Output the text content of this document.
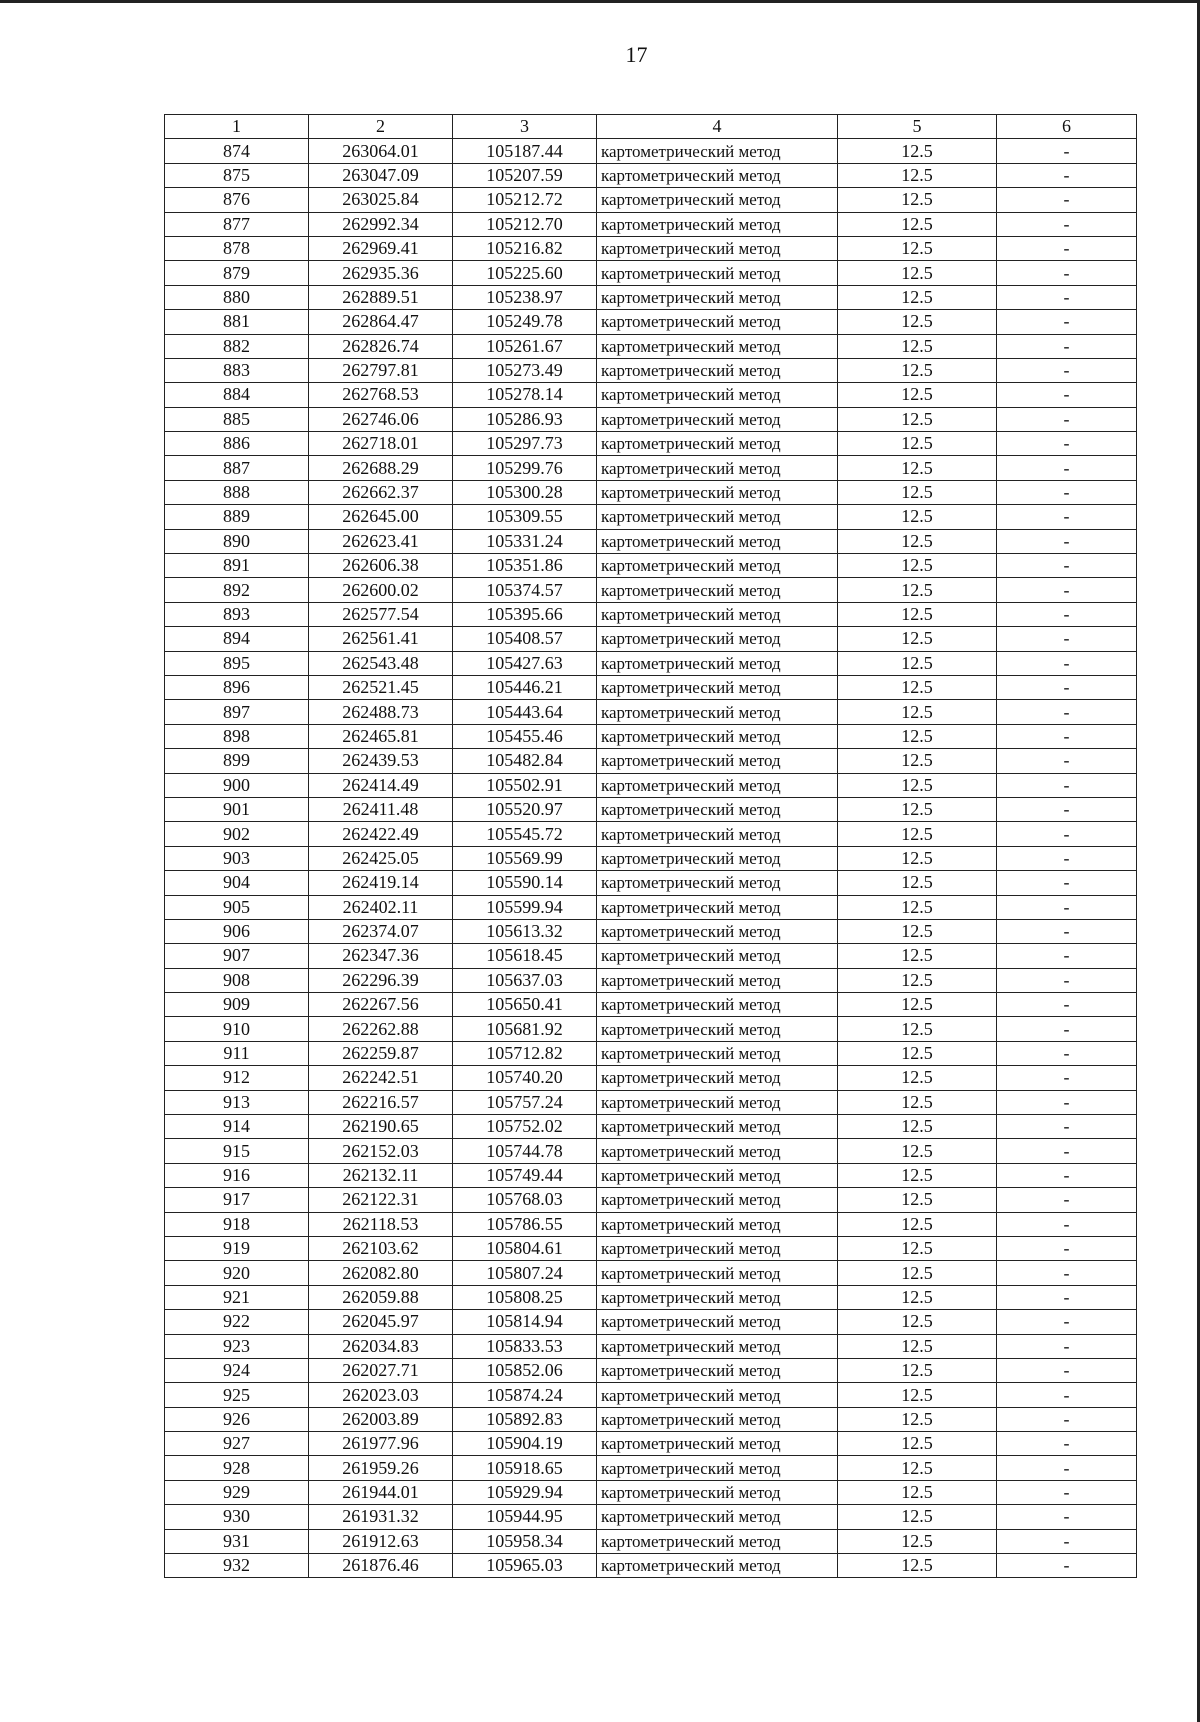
17
1	2	3	4	5	6
874	263064.01	105187.44	картометрический метод	12.5	-
875	263047.09	105207.59	картометрический метод	12.5	-
876	263025.84	105212.72	картометрический метод	12.5	-
877	262992.34	105212.70	картометрический метод	12.5	-
878	262969.41	105216.82	картометрический метод	12.5	-
879	262935.36	105225.60	картометрический метод	12.5	-
880	262889.51	105238.97	картометрический метод	12.5	-
881	262864.47	105249.78	картометрический метод	12.5	-
882	262826.74	105261.67	картометрический метод	12.5	-
883	262797.81	105273.49	картометрический метод	12.5	-
884	262768.53	105278.14	картометрический метод	12.5	-
885	262746.06	105286.93	картометрический метод	12.5	-
886	262718.01	105297.73	картометрический метод	12.5	-
887	262688.29	105299.76	картометрический метод	12.5	-
888	262662.37	105300.28	картометрический метод	12.5	-
889	262645.00	105309.55	картометрический метод	12.5	-
890	262623.41	105331.24	картометрический метод	12.5	-
891	262606.38	105351.86	картометрический метод	12.5	-
892	262600.02	105374.57	картометрический метод	12.5	-
893	262577.54	105395.66	картометрический метод	12.5	-
894	262561.41	105408.57	картометрический метод	12.5	-
895	262543.48	105427.63	картометрический метод	12.5	-
896	262521.45	105446.21	картометрический метод	12.5	-
897	262488.73	105443.64	картометрический метод	12.5	-
898	262465.81	105455.46	картометрический метод	12.5	-
899	262439.53	105482.84	картометрический метод	12.5	-
900	262414.49	105502.91	картометрический метод	12.5	-
901	262411.48	105520.97	картометрический метод	12.5	-
902	262422.49	105545.72	картометрический метод	12.5	-
903	262425.05	105569.99	картометрический метод	12.5	-
904	262419.14	105590.14	картометрический метод	12.5	-
905	262402.11	105599.94	картометрический метод	12.5	-
906	262374.07	105613.32	картометрический метод	12.5	-
907	262347.36	105618.45	картометрический метод	12.5	-
908	262296.39	105637.03	картометрический метод	12.5	-
909	262267.56	105650.41	картометрический метод	12.5	-
910	262262.88	105681.92	картометрический метод	12.5	-
911	262259.87	105712.82	картометрический метод	12.5	-
912	262242.51	105740.20	картометрический метод	12.5	-
913	262216.57	105757.24	картометрический метод	12.5	-
914	262190.65	105752.02	картометрический метод	12.5	-
915	262152.03	105744.78	картометрический метод	12.5	-
916	262132.11	105749.44	картометрический метод	12.5	-
917	262122.31	105768.03	картометрический метод	12.5	-
918	262118.53	105786.55	картометрический метод	12.5	-
919	262103.62	105804.61	картометрический метод	12.5	-
920	262082.80	105807.24	картометрический метод	12.5	-
921	262059.88	105808.25	картометрический метод	12.5	-
922	262045.97	105814.94	картометрический метод	12.5	-
923	262034.83	105833.53	картометрический метод	12.5	-
924	262027.71	105852.06	картометрический метод	12.5	-
925	262023.03	105874.24	картометрический метод	12.5	-
926	262003.89	105892.83	картометрический метод	12.5	-
927	261977.96	105904.19	картометрический метод	12.5	-
928	261959.26	105918.65	картометрический метод	12.5	-
929	261944.01	105929.94	картометрический метод	12.5	-
930	261931.32	105944.95	картометрический метод	12.5	-
931	261912.63	105958.34	картометрический метод	12.5	-
932	261876.46	105965.03	картометрический метод	12.5	-
